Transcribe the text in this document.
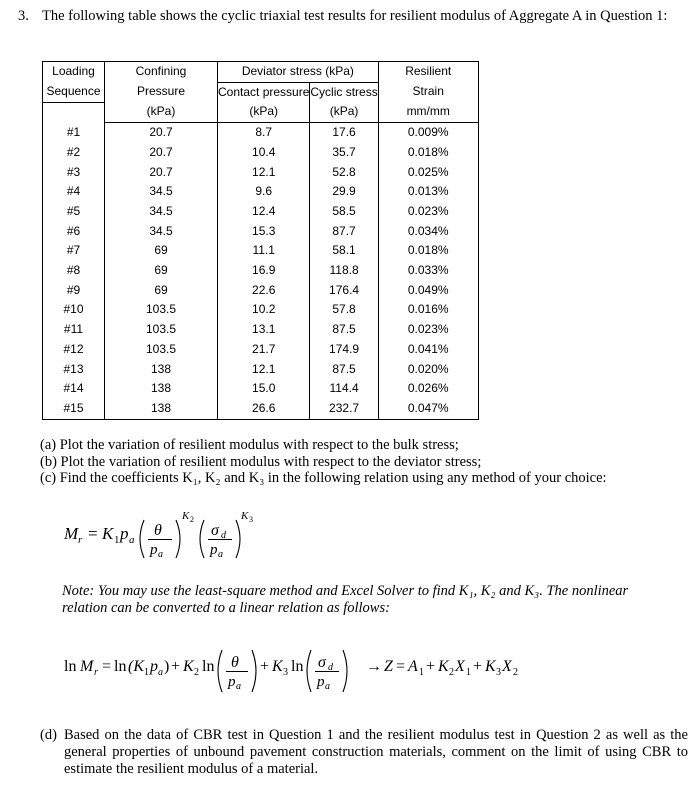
3. The following table shows the cyclic triaxial test results for resilient modulus of Aggregate A in Question 1:
Loading	Confining	Deviator stress (kPa)		Resilient
Sequence	Pressure	Contact pressure	Cyclic stress	Strain
	(kPa)	(kPa)	(kPa)	mm/mm
#1	20.7	8.7	17.6	0.009%
#2	20.7	10.4	35.7	0.018%
#3	20.7	12.1	52.8	0.025%
#4	34.5	9.6	29.9	0.013%
#5	34.5	12.4	58.5	0.023%
#6	34.5	15.3	87.7	0.034%
#7	69	11.1	58.1	0.018%
#8	69	16.9	118.8	0.033%
#9	69	22.6	176.4	0.049%
#10	103.5	10.2	57.8	0.016%
#11	103.5	13.1	87.5	0.023%
#12	103.5	21.7	174.9	0.041%
#13	138	12.1	87.5	0.020%
#14	138	15.0	114.4	0.026%
#15	138	26.6	232.7	0.047%
(a) Plot the variation of resilient modulus with respect to the bulk stress;
(b) Plot the variation of resilient modulus with respect to the deviator stress;
(c) Find the coefficients K₁, K₂ and K₃ in the following relation using any method of your choice:
M r = K 1 p a
θ
p a
K 2
σ d
p a
K 3
Note: You may use the least-square method and Excel Solver to find K₁, K₂ and K₃. The nonlinear relation can be converted to a linear relation as follows:
ln M r = ln (K 1 p a ) + K 2 ln θ
p a
+ K 3 ln σ d
p a
→ Z = A 1 + K 2 X 1 + K 3 X 2
(d) Based on the data of CBR test in Question 1 and the resilient modulus test in Question 2 as well as the general properties of unbound pavement construction materials, comment on the limit of using CBR to estimate the resilient modulus of a material.
